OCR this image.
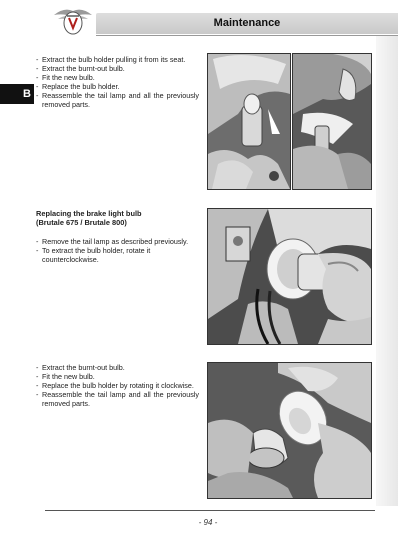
Maintenance
B
- Extract the bulb holder pulling it from its seat.
- Extract the burnt-out bulb.
- Fit the new bulb.
- Replace the bulb holder.
- Reassemble the tail lamp and all the previously removed parts.
Replacing the brake light bulb
(Brutale 675 / Brutale 800)
- Remove the tail lamp as described previously.
- To extract the bulb holder, rotate it counterclockwise.
- Extract the burnt-out bulb.
- Fit the new bulb.
- Replace the bulb holder by rotating it clockwise.
- Reassemble the tail lamp and all the previously removed parts.
- 94 -
